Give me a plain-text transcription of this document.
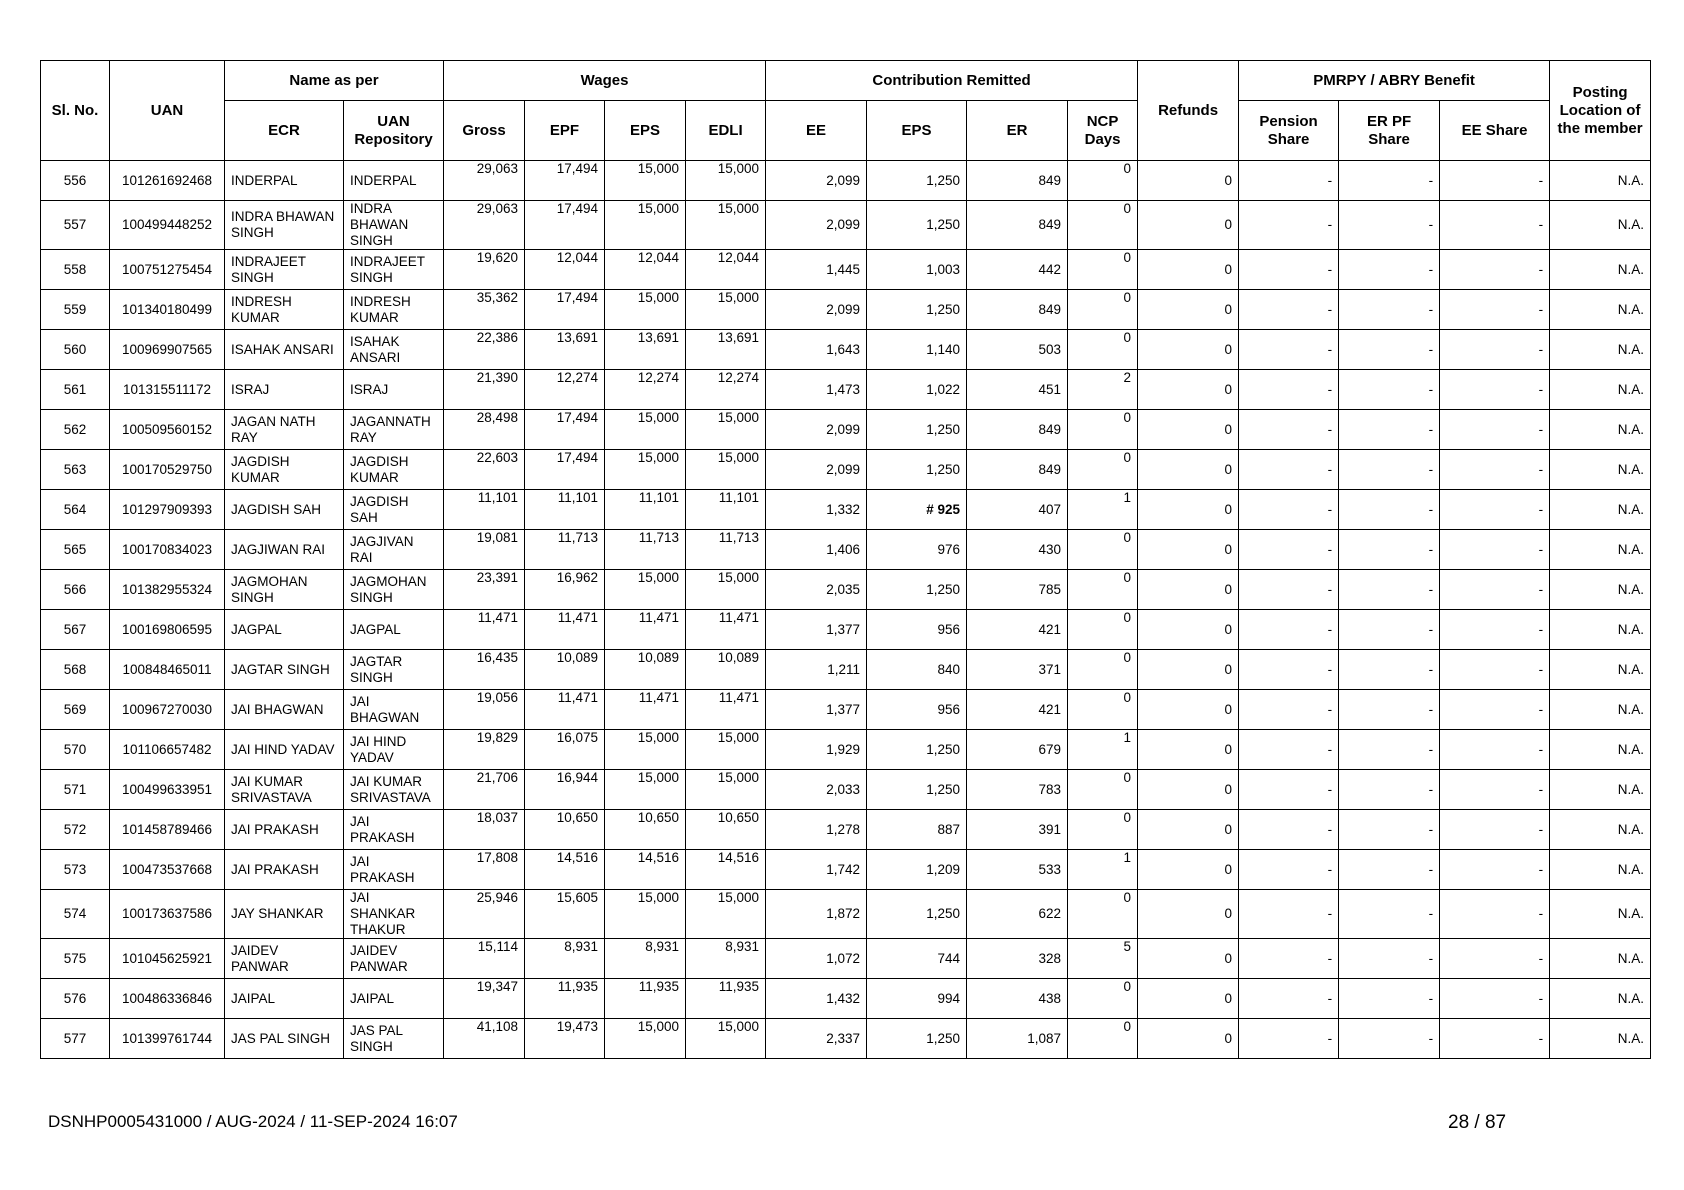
Sl. No.	UAN	Name as per		Wages				Contribution Remitted				Refunds	PMRPY / ABRY Benefit			Posting Location of the member
		ECR	UAN Repository	Gross	EPF	EPS	EDLI	EE	EPS	ER	NCP Days		Pension Share	ER PF Share	EE Share	
556	101261692468	INDERPAL	INDERPAL	29,063	17,494	15,000	15,000	2,099	1,250	849	0	0	-	-	-	N.A.
557	100499448252	INDRA BHAWAN SINGH	INDRA BHAWAN SINGH	29,063	17,494	15,000	15,000	2,099	1,250	849	0	0	-	-	-	N.A.
558	100751275454	INDRAJEET SINGH	INDRAJEET SINGH	19,620	12,044	12,044	12,044	1,445	1,003	442	0	0	-	-	-	N.A.
559	101340180499	INDRESH KUMAR	INDRESH KUMAR	35,362	17,494	15,000	15,000	2,099	1,250	849	0	0	-	-	-	N.A.
560	100969907565	ISAHAK ANSARI	ISAHAK ANSARI	22,386	13,691	13,691	13,691	1,643	1,140	503	0	0	-	-	-	N.A.
561	101315511172	ISRAJ	ISRAJ	21,390	12,274	12,274	12,274	1,473	1,022	451	2	0	-	-	-	N.A.
562	100509560152	JAGAN NATH RAY	JAGANNATH RAY	28,498	17,494	15,000	15,000	2,099	1,250	849	0	0	-	-	-	N.A.
563	100170529750	JAGDISH KUMAR	JAGDISH KUMAR	22,603	17,494	15,000	15,000	2,099	1,250	849	0	0	-	-	-	N.A.
564	101297909393	JAGDISH SAH	JAGDISH SAH	11,101	11,101	11,101	11,101	1,332	# 925	407	1	0	-	-	-	N.A.
565	100170834023	JAGJIWAN RAI	JAGJIVAN RAI	19,081	11,713	11,713	11,713	1,406	976	430	0	0	-	-	-	N.A.
566	101382955324	JAGMOHAN SINGH	JAGMOHAN SINGH	23,391	16,962	15,000	15,000	2,035	1,250	785	0	0	-	-	-	N.A.
567	100169806595	JAGPAL	JAGPAL	11,471	11,471	11,471	11,471	1,377	956	421	0	0	-	-	-	N.A.
568	100848465011	JAGTAR SINGH	JAGTAR SINGH	16,435	10,089	10,089	10,089	1,211	840	371	0	0	-	-	-	N.A.
569	100967270030	JAI BHAGWAN	JAI BHAGWAN	19,056	11,471	11,471	11,471	1,377	956	421	0	0	-	-	-	N.A.
570	101106657482	JAI HIND YADAV	JAI HIND YADAV	19,829	16,075	15,000	15,000	1,929	1,250	679	1	0	-	-	-	N.A.
571	100499633951	JAI KUMAR SRIVASTAVA	JAI KUMAR SRIVASTAVA	21,706	16,944	15,000	15,000	2,033	1,250	783	0	0	-	-	-	N.A.
572	101458789466	JAI PRAKASH	JAI PRAKASH	18,037	10,650	10,650	10,650	1,278	887	391	0	0	-	-	-	N.A.
573	100473537668	JAI PRAKASH	JAI PRAKASH	17,808	14,516	14,516	14,516	1,742	1,209	533	1	0	-	-	-	N.A.
574	100173637586	JAY SHANKAR	JAI SHANKAR THAKUR	25,946	15,605	15,000	15,000	1,872	1,250	622	0	0	-	-	-	N.A.
575	101045625921	JAIDEV PANWAR	JAIDEV PANWAR	15,114	8,931	8,931	8,931	1,072	744	328	5	0	-	-	-	N.A.
576	100486336846	JAIPAL	JAIPAL	19,347	11,935	11,935	11,935	1,432	994	438	0	0	-	-	-	N.A.
577	101399761744	JAS PAL SINGH	JAS PAL SINGH	41,108	19,473	15,000	15,000	2,337	1,250	1,087	0	0	-	-	-	N.A.
DSNHP0005431000 / AUG-2024 / 11-SEP-2024 16:07	28 / 87
